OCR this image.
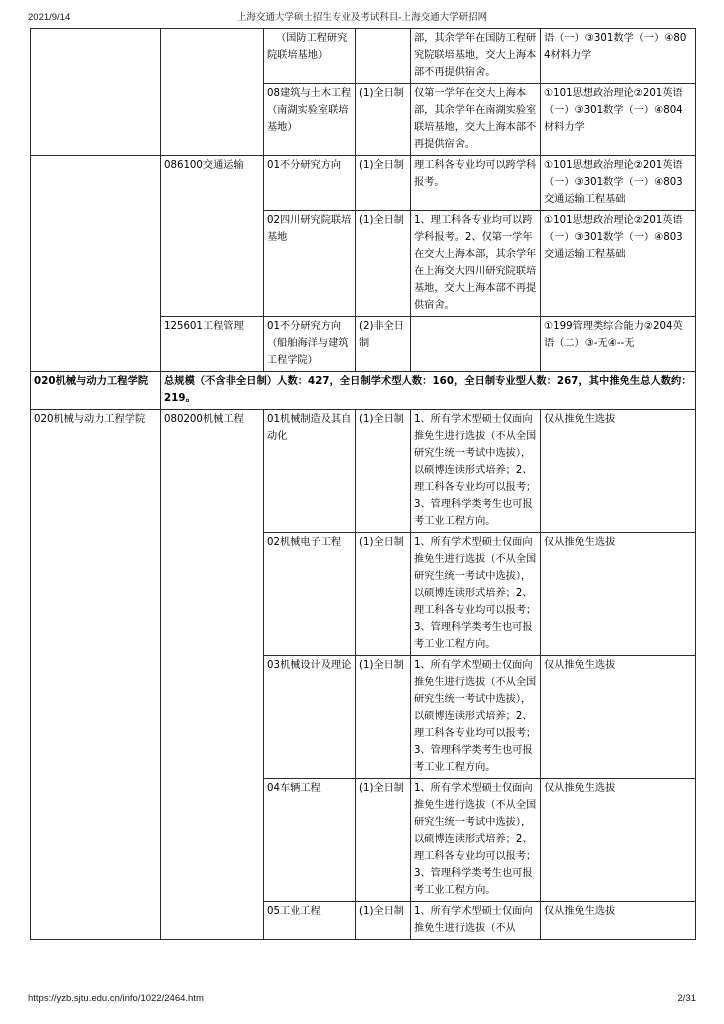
2021/9/14	上海交通大学硕士招生专业及考试科目-上海交通大学研招网
		（国防工程研究院联培基地）		部，其余学年在国防工程研究院联培基地，交大上海本部不再提供宿舍。	语（一）③301数学（一）④804材料力学
		08建筑与土木工程（南湖实验室联培基地）	(1)全日制	仅第一学年在交大上海本部，其余学年在南湖实验室联培基地，交大上海本部不再提供宿舍。	①101思想政治理论②201英语（一）③301数学（一）④804材料力学
	086100交通运输	01不分研究方向	(1)全日制	理工科各专业均可以跨学科报考。	①101思想政治理论②201英语（一）③301数学（一）④803交通运输工程基础
		02四川研究院联培基地	(1)全日制	1、理工科各专业均可以跨学科报考。2、仅第一学年在交大上海本部，其余学年在上海交大四川研究院联培基地，交大上海本部不再提供宿舍。	①101思想政治理论②201英语（一）③301数学（一）④803交通运输工程基础
	125601工程管理	01不分研究方向（船舶海洋与建筑工程学院）	(2)非全日制		①199管理类综合能力②204英语（二）③-无④--无
020机械与动力工程学院	总规模（不含非全日制）人数：427，全日制学术型人数：160，全日制专业型人数：267，其中推免生总人数约：219。				
020机械与动力工程学院	080200机械工程	01机械制造及其自动化	(1)全日制	1、所有学术型硕士仅面向推免生进行选拔（不从全国研究生统一考试中选拔），以硕博连读形式培养；2、理工科各专业均可以报考；3、管理科学类考生也可报考工业工程方向。	仅从推免生选拔
		02机械电子工程	(1)全日制	1、所有学术型硕士仅面向推免生进行选拔（不从全国研究生统一考试中选拔），以硕博连读形式培养；2、理工科各专业均可以报考；3、管理科学类考生也可报考工业工程方向。	仅从推免生选拔
		03机械设计及理论	(1)全日制	1、所有学术型硕士仅面向推免生进行选拔（不从全国研究生统一考试中选拔），以硕博连读形式培养；2、理工科各专业均可以报考；3、管理科学类考生也可报考工业工程方向。	仅从推免生选拔
		04车辆工程	(1)全日制	1、所有学术型硕士仅面向推免生进行选拔（不从全国研究生统一考试中选拔），以硕博连读形式培养；2、理工科各专业均可以报考；3、管理科学类考生也可报考工业工程方向。	仅从推免生选拔
		05工业工程	(1)全日制	1、所有学术型硕士仅面向推免生进行选拔（不从	仅从推免生选拔
https://yzb.sjtu.edu.cn/info/1022/2464.htm	2/31
